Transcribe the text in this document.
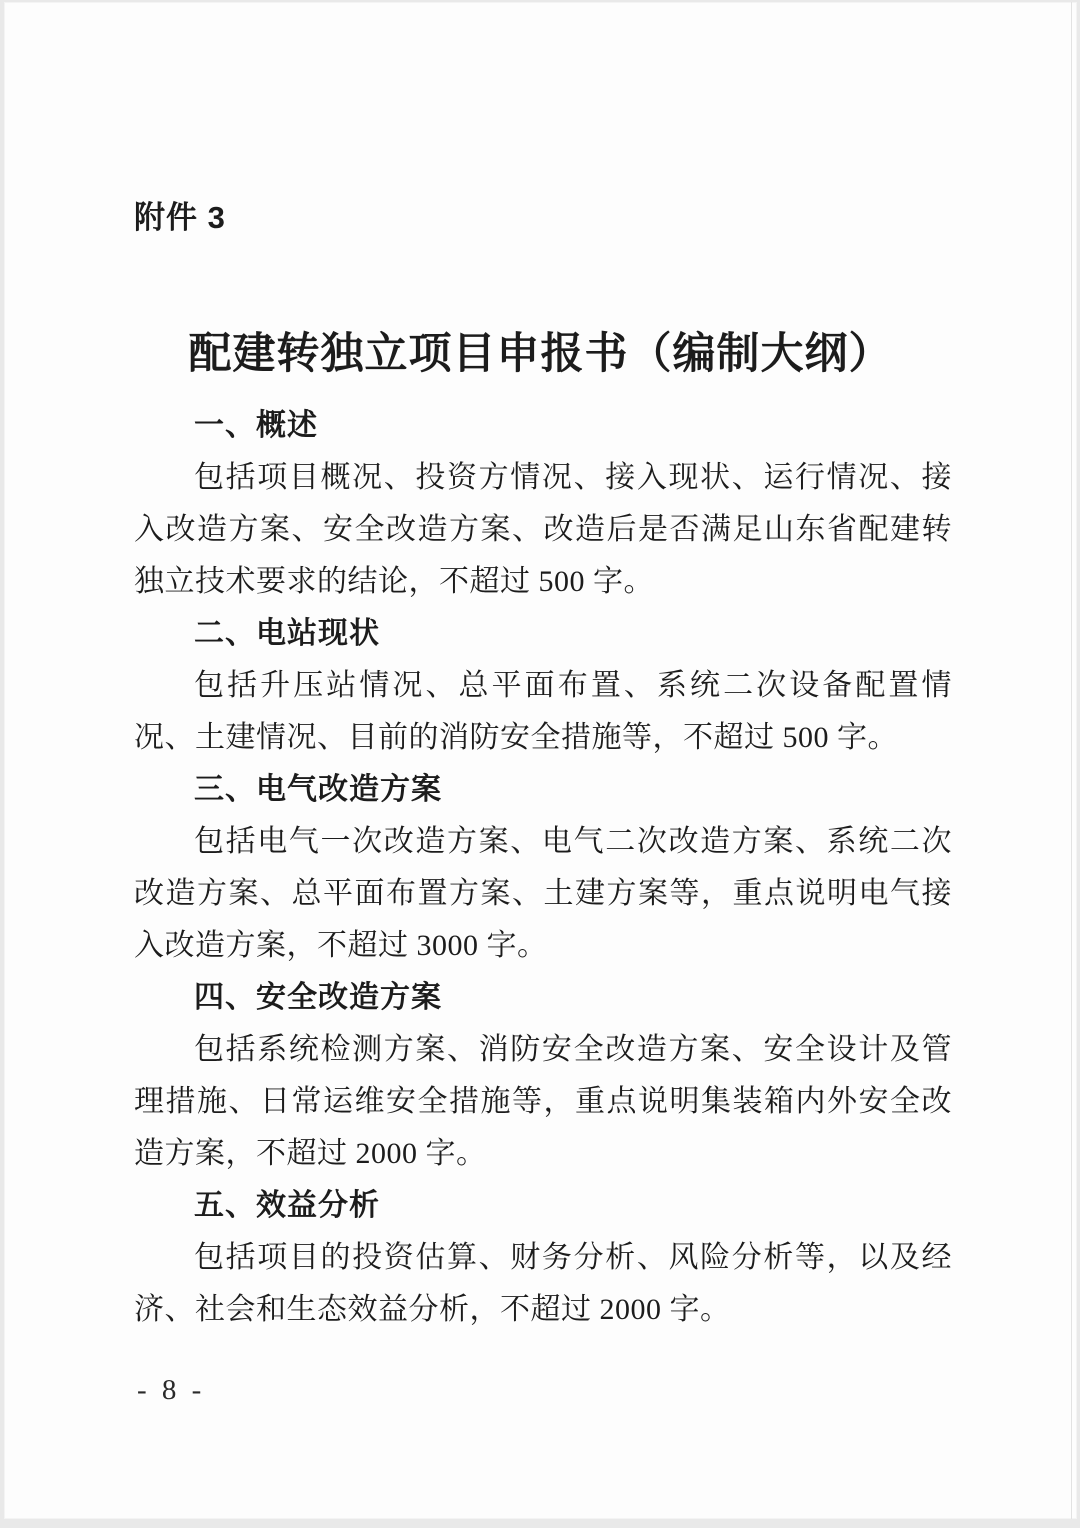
附件 3
配建转独立项目申报书（编制大纲）

一、概述

包括项目概况、投资方情况、接入现状、运行情况、接入改造方案、安全改造方案、改造后是否满足山东省配建转独立技术要求的结论，不超过 500 字。

二、电站现状

包括升压站情况、总平面布置、系统二次设备配置情况、土建情况、目前的消防安全措施等，不超过 500 字。

三、电气改造方案

包括电气一次改造方案、电气二次改造方案、系统二次改造方案、总平面布置方案、土建方案等，重点说明电气接入改造方案，不超过 3000 字。

四、安全改造方案

包括系统检测方案、消防安全改造方案、安全设计及管理措施、日常运维安全措施等，重点说明集装箱内外安全改造方案，不超过 2000 字。

五、效益分析

包括项目的投资估算、财务分析、风险分析等，以及经济、社会和生态效益分析，不超过 2000 字。

- 8 -
